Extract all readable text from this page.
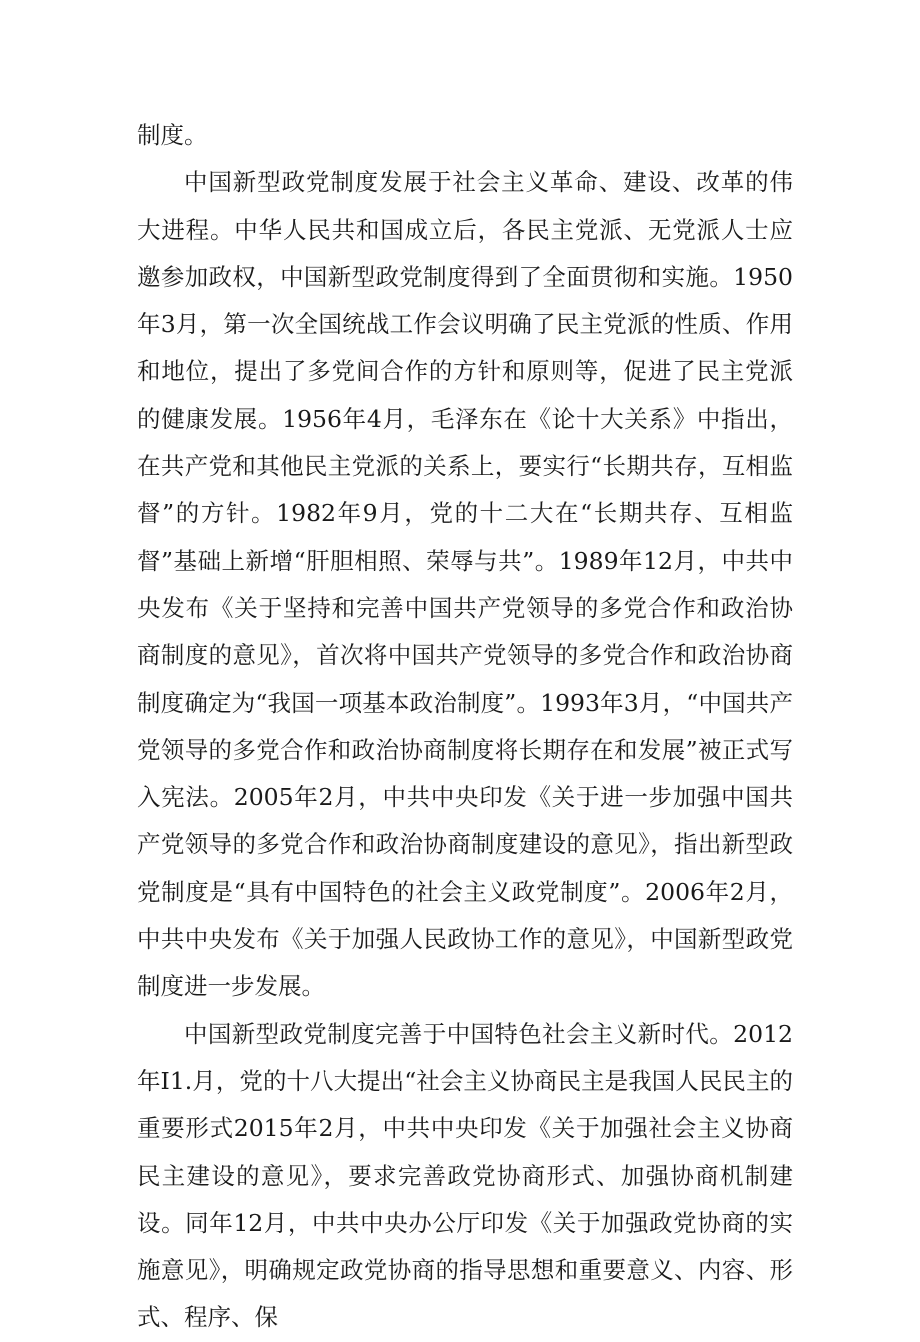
制度。

中国新型政党制度发展于社会主义革命、建设、改革的伟大进程。中华人民共和国成立后，各民主党派、无党派人士应邀参加政权，中国新型政党制度得到了全面贯彻和实施。1950年3月，第一次全国统战工作会议明确了民主党派的性质、作用和地位，提出了多党间合作的方针和原则等，促进了民主党派的健康发展。1956年4月，毛泽东在《论十大关系》中指出，在共产党和其他民主党派的关系上，要实行“长期共存，互相监督”的方针。1982年9月，党的十二大在“长期共存、互相监督”基础上新增“肝胆相照、荣辱与共”。1989年12月，中共中央发布《关于坚持和完善中国共产党领导的多党合作和政治协商制度的意见》，首次将中国共产党领导的多党合作和政治协商制度确定为“我国一项基本政治制度”。1993年3月，“中国共产党领导的多党合作和政治协商制度将长期存在和发展”被正式写入宪法。2005年2月，中共中央印发《关于进一步加强中国共产党领导的多党合作和政治协商制度建设的意见》，指出新型政党制度是“具有中国特色的社会主义政党制度”。2006年2月，中共中央发布《关于加强人民政协工作的意见》，中国新型政党制度进一步发展。

中国新型政党制度完善于中国特色社会主义新时代。2012年I1.月，党的十八大提出“社会主义协商民主是我国人民民主的重要形式2015年2月，中共中央印发《关于加强社会主义协商民主建设的意见》，要求完善政党协商形式、加强协商机制建设。同年12月，中共中央办公厅印发《关于加强政党协商的实施意见》，明确规定政党协商的指导思想和重要意义、内容、形式、程序、保
